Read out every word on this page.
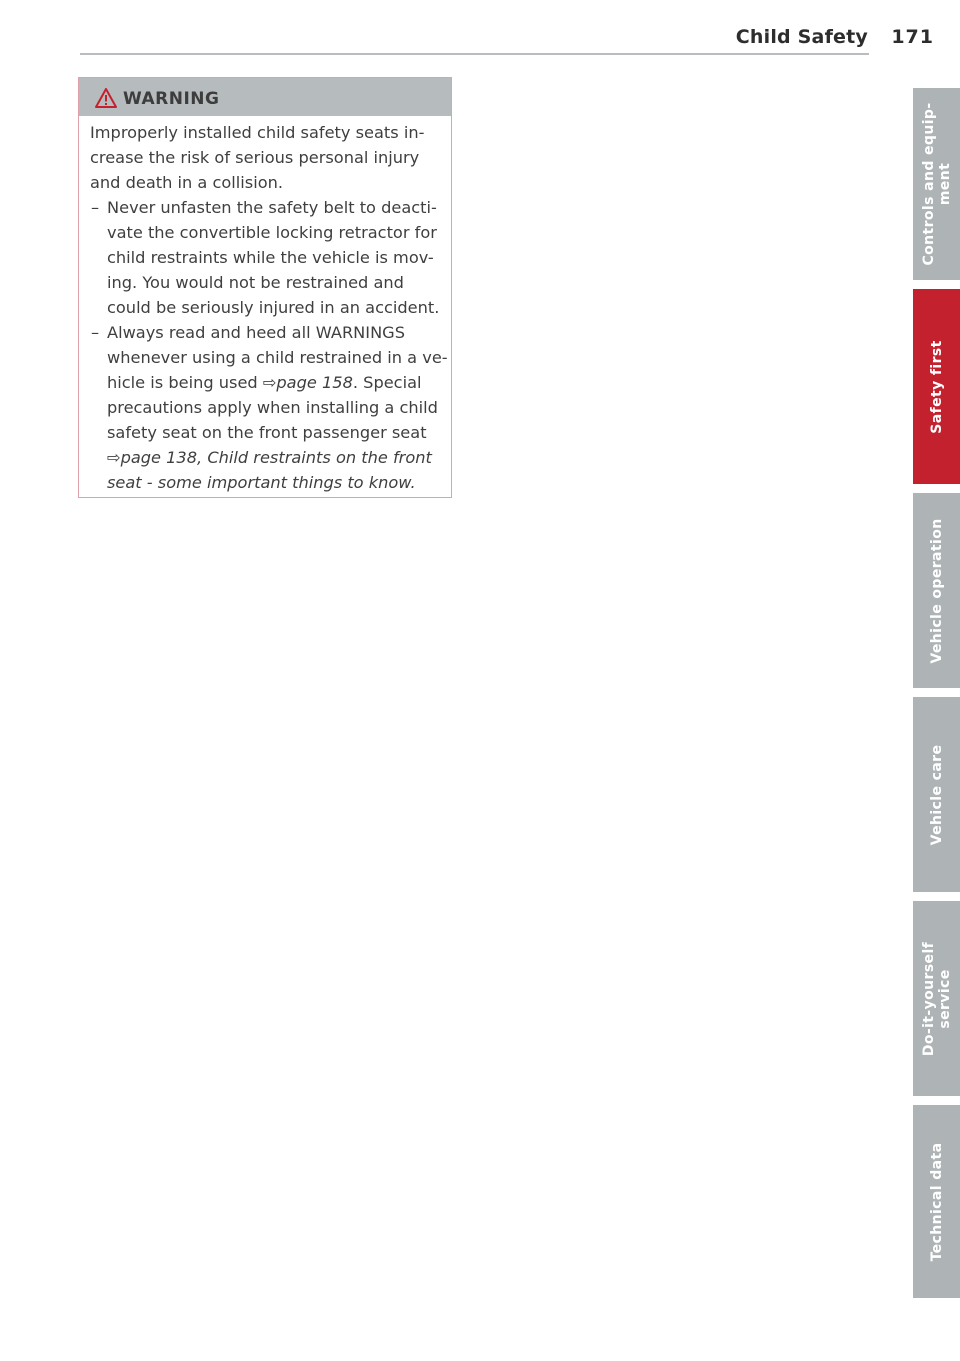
Child Safety 171
WARNING
Improperly installed child safety seats in-
crease the risk of serious personal injury
and death in a collision.
– Never unfasten the safety belt to deacti-
vate the convertible locking retractor for
child restraints while the vehicle is mov-
ing. You would not be restrained and
could be seriously injured in an accident.
– Always read and heed all WARNINGS
whenever using a child restrained in a ve-
hicle is being used ⇨page 158. Special
precautions apply when installing a child
safety seat on the front passenger seat
⇨page 138, Child restraints on the front
seat - some important things to know.
Controls and equip-
ment
Safety first
Vehicle operation
Vehicle care
Do-it-yourself
service
Technical data
